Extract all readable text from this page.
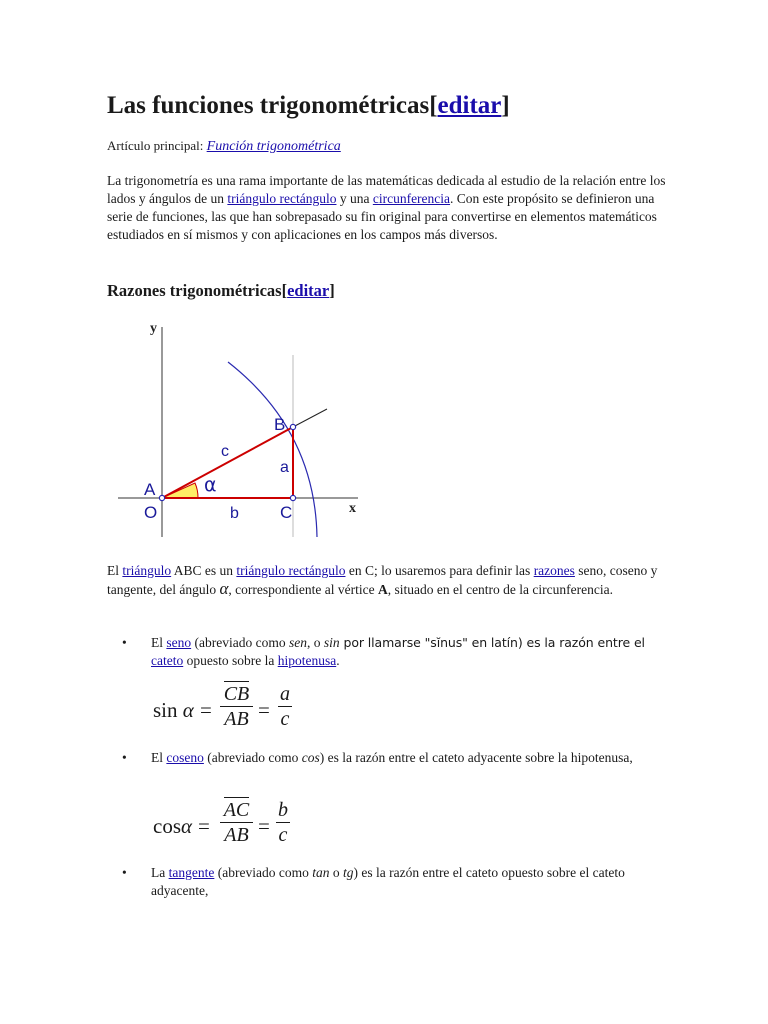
Las funciones trigonométricas[editar]
Artículo principal: Función trigonométrica

La trigonometría es una rama importante de las matemáticas dedicada al estudio de la relación entre los lados y ángulos de un triángulo rectángulo y una circunferencia. Con este propósito se definieron una serie de funciones, las que han sobrepasado su fin original para convertirse en elementos matemáticos estudiados en sí mismos y con aplicaciones en los campos más diversos.

Razones trigonométricas[editar]
y
x
A
O
B
C
a
b
c
α

El triángulo ABC es un triángulo rectángulo en C; lo usaremos para definir las razones seno, coseno y tangente, del ángulo α, correspondiente al vértice A, situado en el centro de la circunferencia.

•	El seno (abreviado como sen, o sin por llamarse "sĭnus" en latín) es la razón entre el
cateto opuesto sobre la hipotenusa.
sin α =
CB
AB =
a
c
•	El coseno (abreviado como cos) es la razón entre el cateto adyacente sobre la hipotenusa,
cosα =
AC
AB =
b
c
•	La tangente (abreviado como tan o tg) es la razón entre el cateto opuesto sobre el cateto adyacente,
